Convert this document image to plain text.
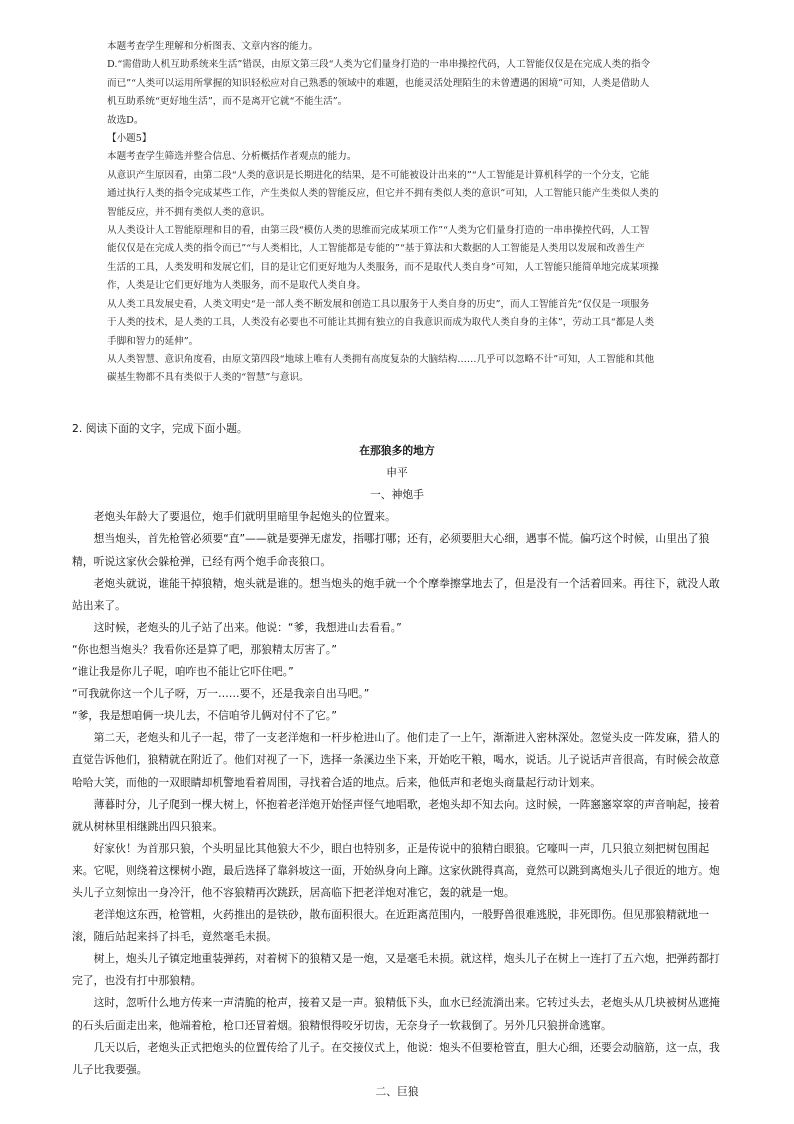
本题考查学生理解和分析图表、文章内容的能力。

D.“需借助人机互助系统来生活”错误，由原文第三段“人类为它们量身打造的一串串操控代码，人工智能仅仅是在完成人类的指令

而已”“人类可以运用所掌握的知识轻松应对自己熟悉的领域中的难题，也能灵活处理陌生的未曾遭遇的困境”可知，人类是借助人

机互助系统“更好地生活”，而不是离开它就“不能生活”。

故选D。

【小题5】

本题考查学生筛选并整合信息、分析概括作者观点的能力。

从意识产生原因看，由第二段“人类的意识是长期进化的结果，是不可能被设计出来的”“人工智能是计算机科学的一个分支，它能

通过执行人类的指令完成某些工作，产生类似人类的智能反应，但它并不拥有类似人类的意识”可知，人工智能只能产生类似人类的

智能反应，并不拥有类似人类的意识。

从人类设计人工智能原理和目的看，由第三段“模仿人类的思维而完成某项工作”“人类为它们量身打造的一串串操控代码，人工智

能仅仅是在完成人类的指令而已”“与人类相比，人工智能都是专能的”“基于算法和大数据的人工智能是人类用以发展和改善生产

生活的工具，人类发明和发展它们，目的是让它们更好地为人类服务，而不是取代人类自身”可知，人工智能只能简单地完成某项操

作，人类是让它们更好地为人类服务，而不是取代人类自身。

从人类工具发展史看，人类文明史“是一部人类不断发展和创造工具以服务于人类自身的历史”，而人工智能首先“仅仅是一项服务

于人类的技术，是人类的工具，人类没有必要也不可能让其拥有独立的自我意识而成为取代人类自身的主体”，劳动工具“都是人类

手脚和智力的延伸”。

从人类智慧、意识角度看，由原文第四段“地球上唯有人类拥有高度复杂的大脑结构……几乎可以忽略不计”可知，人工智能和其他

碳基生物都不具有类似于人类的“智慧”与意识。

2. 阅读下面的文字，完成下面小题。

在那狼多的地方

申平

一、神炮手

老炮头年龄大了要退位，炮手们就明里暗里争起炮头的位置来。

想当炮头，首先枪管必须要“直”——就是要弹无虚发，指哪打哪；还有，必须要胆大心细，遇事不慌。偏巧这个时候，山里出了狼精，听说这家伙会躲枪弹，已经有两个炮手命丧狼口。

老炮头就说，谁能干掉狼精，炮头就是谁的。想当炮头的炮手就一个个摩拳擦掌地去了，但是没有一个活着回来。再往下，就没人敢站出来了。

这时候，老炮头的儿子站了出来。他说：“爹，我想进山去看看。”

“你也想当炮头？我看你还是算了吧，那狼精太厉害了。”

“谁让我是你儿子呢，咱咋也不能让它吓住吧。”

“可我就你这一个儿子呀，万一……要不，还是我亲自出马吧。”

“爹，我是想咱俩一块儿去，不信咱爷儿俩对付不了它。”

第二天，老炮头和儿子一起，带了一支老洋炮和一杆步枪进山了。他们走了一上午，渐渐进入密林深处。忽觉头皮一阵发麻，猎人的直觉告诉他们，狼精就在附近了。他们对视了一下，选择一条溪边坐下来，开始吃干粮，喝水，说话。儿子说话声音很高，有时候会故意哈哈大笑，而他的一双眼睛却机警地看着周围，寻找着合适的地点。后来，他低声和老炮头商量起行动计划来。

薄暮时分，儿子爬到一棵大树上，怀抱着老洋炮开始怪声怪气地唱歌，老炮头却不知去向。这时候，一阵窸窸窣窣的声音响起，接着就从树林里相继跳出四只狼来。

好家伙！为首那只狼，个头明显比其他狼大不少，眼白也特别多，正是传说中的狼精白眼狼。它嚎叫一声，几只狼立刻把树包围起来。它呢，则绕着这棵树小跑，最后选择了靠斜坡这一面，开始纵身向上蹿。这家伙跳得真高，竟然可以跳到离炮头儿子很近的地方。炮头儿子立刻惊出一身冷汗，他不容狼精再次跳跃，居高临下把老洋炮对准它，轰的就是一炮。

老洋炮这东西，枪管粗，火药推出的是铁砂，散布面积很大。在近距离范围内，一般野兽很难逃脱，非死即伤。但见那狼精就地一滚，随后站起来抖了抖毛，竟然毫毛未损。

树上，炮头儿子镇定地重装弹药，对着树下的狼精又是一炮，又是毫毛未损。就这样，炮头儿子在树上一连打了五六炮，把弹药都打完了，也没有打中那狼精。

这时，忽听什么地方传来一声清脆的枪声，接着又是一声。狼精低下头，血水已经流淌出来。它转过头去，老炮头从几块被树丛遮掩的石头后面走出来，他端着枪，枪口还冒着烟。狼精恨得咬牙切齿，无奈身子一软栽倒了。另外几只狼拼命逃窜。

几天以后，老炮头正式把炮头的位置传给了儿子。在交接仪式上，他说：炮头不但要枪管直，胆大心细，还要会动脑筋，这一点，我儿子比我要强。

二、巨狼
